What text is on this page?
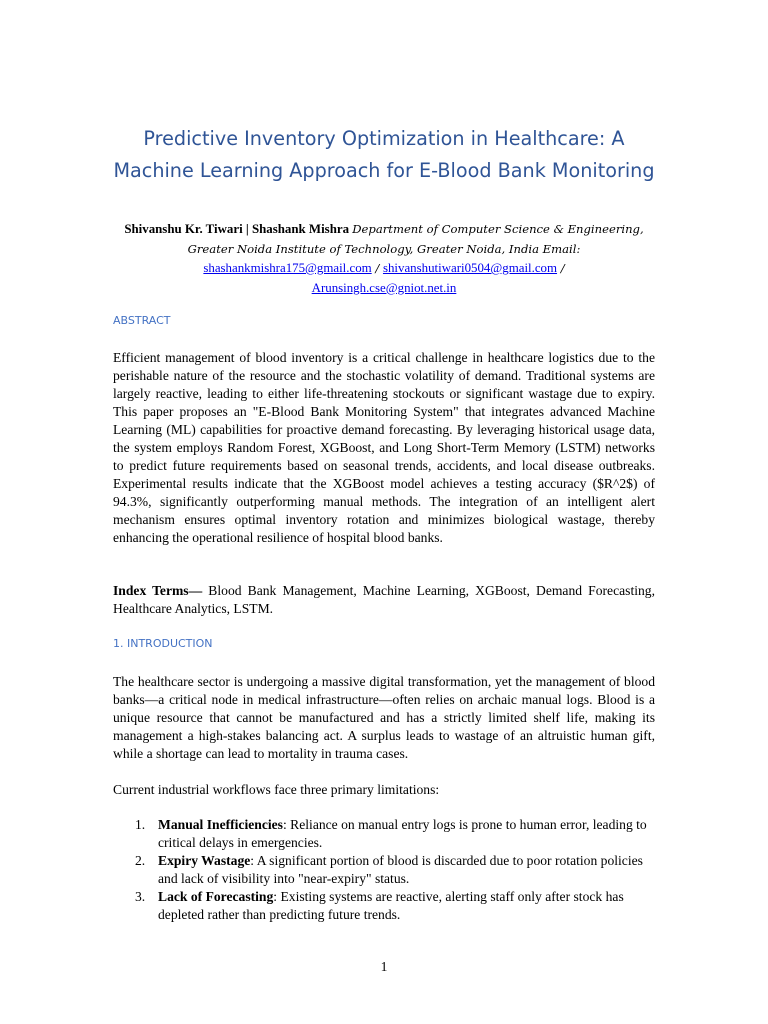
Predictive Inventory Optimization in Healthcare: A
Machine Learning Approach for E-Blood Bank Monitoring
Shivanshu Kr. Tiwari | Shashank Mishra Department of Computer Science & Engineering,
Greater Noida Institute of Technology, Greater Noida, India Email:
shashankmishra175@gmail.com / shivanshutiwari0504@gmail.com /
Arunsingh.cse@gniot.net.in
ABSTRACT

Efficient management of blood inventory is a critical challenge in healthcare logistics due to the perishable nature of the resource and the stochastic volatility of demand. Traditional systems are largely reactive, leading to either life-threatening stockouts or significant wastage due to expiry. This paper proposes an "E-Blood Bank Monitoring System" that integrates advanced Machine Learning (ML) capabilities for proactive demand forecasting. By leveraging historical usage data, the system employs Random Forest, XGBoost, and Long Short-Term Memory (LSTM) networks to predict future requirements based on seasonal trends, accidents, and local disease outbreaks. Experimental results indicate that the XGBoost model achieves a testing accuracy ($R^2$) of 94.3%, significantly outperforming manual methods. The integration of an intelligent alert mechanism ensures optimal inventory rotation and minimizes biological wastage, thereby enhancing the operational resilience of hospital blood banks.

Index Terms— Blood Bank Management, Machine Learning, XGBoost, Demand Forecasting, Healthcare Analytics, LSTM.

1. INTRODUCTION

The healthcare sector is undergoing a massive digital transformation, yet the management of blood banks—a critical node in medical infrastructure—often relies on archaic manual logs. Blood is a unique resource that cannot be manufactured and has a strictly limited shelf life, making its management a high-stakes balancing act. A surplus leads to wastage of an altruistic human gift, while a shortage can lead to mortality in trauma cases.

Current industrial workflows face three primary limitations:

1. Manual Inefficiencies: Reliance on manual entry logs is prone to human error, leading to critical delays in emergencies.
2. Expiry Wastage: A significant portion of blood is discarded due to poor rotation policies and lack of visibility into "near-expiry" status.
3. Lack of Forecasting: Existing systems are reactive, alerting staff only after stock has depleted rather than predicting future trends.
1
